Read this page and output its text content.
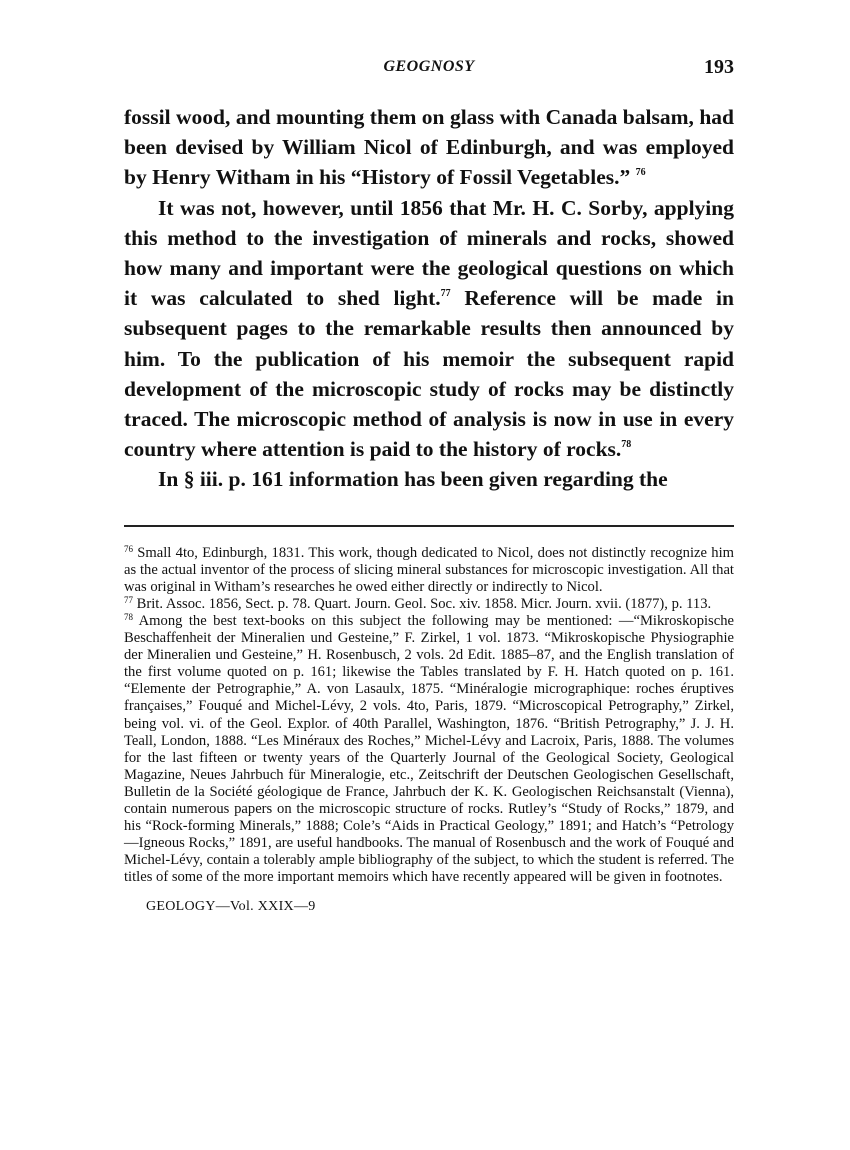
GEOGNOSY	193

fossil wood, and mounting them on glass with Canada balsam, had been devised by William Nicol of Edinburgh, and was employed by Henry Witham in his “History of Fossil Vegetables.” $^{76}$

It was not, however, until 1856 that Mr. H. C. Sorby, applying this method to the investigation of minerals and rocks, showed how many and important were the geological questions on which it was calculated to shed light.$^{77}$ Reference will be made in subsequent pages to the remarkable results then announced by him. To the publication of his memoir the subsequent rapid development of the microscopic study of rocks may be distinctly traced. The microscopic method of analysis is now in use in every country where attention is paid to the history of rocks.$^{78}$

In § iii. p. 161 information has been given regarding the

$^{76}$ Small 4to, Edinburgh, 1831. This work, though dedicated to Nicol, does not distinctly recognize him as the actual inventor of the process of slicing mineral substances for microscopic investigation. All that was original in Witham’s researches he owed either directly or indirectly to Nicol.

$^{77}$ Brit. Assoc. 1856, Sect. p. 78. Quart. Journ. Geol. Soc. xiv. 1858. Micr. Journ. xvii. (1877), p. 113.

$^{78}$ Among the best text-books on this subject the following may be mentioned: —“Mikroskopische Beschaffenheit der Mineralien und Gesteine,” F. Zirkel, 1 vol. 1873. “Mikroskopische Physiographie der Mineralien und Gesteine,” H. Rosenbusch, 2 vols. 2d Edit. 1885–87, and the English translation of the first volume quoted on p. 161; likewise the Tables translated by F. H. Hatch quoted on p. 161. “Elemente der Petrographie,” A. von Lasaulx, 1875. “Minéralogie micrographique: roches éruptives françaises,” Fouqué and Michel-Lévy, 2 vols. 4to, Paris, 1879. “Microscopical Petrography,” Zirkel, being vol. vi. of the Geol. Explor. of 40th Parallel, Washington, 1876. “British Petrography,” J. J. H. Teall, London, 1888. “Les Minéraux des Roches,” Michel-Lévy and Lacroix, Paris, 1888. The volumes for the last fifteen or twenty years of the Quarterly Journal of the Geological Society, Geological Magazine, Neues Jahrbuch für Mineralogie, etc., Zeitschrift der Deutschen Geologischen Gesellschaft, Bulletin de la Société géologique de France, Jahrbuch der K. K. Geologischen Reichsanstalt (Vienna), contain numerous papers on the microscopic structure of rocks. Rutley’s “Study of Rocks,” 1879, and his “Rock-forming Minerals,” 1888; Cole’s “Aids in Practical Geology,” 1891; and Hatch’s “Petrology—Igneous Rocks,” 1891, are useful handbooks. The manual of Rosenbusch and the work of Fouqué and Michel-Lévy, contain a tolerably ample bibliography of the subject, to which the student is referred. The titles of some of the more important memoirs which have recently appeared will be given in footnotes.

GEOLOGY—Vol. XXIX—9
